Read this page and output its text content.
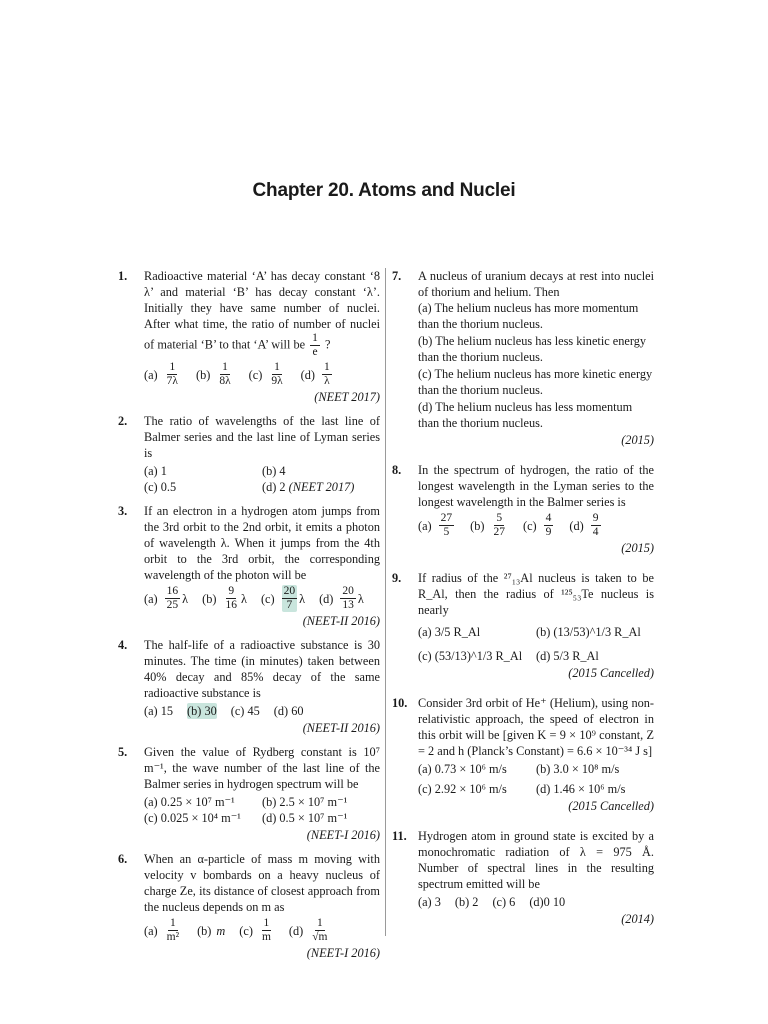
Chapter 20. Atoms and Nuclei
1. Radioactive material ‘A’ has decay constant ‘8 λ’ and material ‘B’ has decay constant ‘λ’. Initially they have same number of nuclei. After what time, the ratio of number of nuclei of material ‘B’ to that ‘A’ will be $\frac{1}{e}$ ?
$(a) \frac{1}{7\lambda} (b) \frac{1}{8\lambda} (c) \frac{1}{9\lambda} (d) \frac{1}{\lambda}$
(NEET 2017)
2. The ratio of wavelengths of the last line of Balmer series and the last line of Lyman series is
(a) 1	(b) 4
(c) 0.5	(d) 2
(NEET 2017)
3. If an electron in a hydrogen atom jumps from the 3rd orbit to the 2nd orbit, it emits a photon of wavelength λ. When it jumps from the 4th orbit to the 3rd orbit, the corresponding wavelength of the photon will be
$(a) \frac{16}{25}$ λ $(b) \frac{9}{16}$ λ $(c) \frac{20}{7}$ λ $(d) \frac{20}{13}$ λ
(NEET-II 2016)
4. The half-life of a radioactive substance is 30 minutes. The time (in minutes) taken between 40% decay and 85% decay of the same radioactive substance is
(a) 15 (b) 30 (c) 45 (d) 60
(NEET-II 2016)
5. Given the value of Rydberg constant is 10⁷ m⁻¹, the wave number of the last line of the Balmer series in hydrogen spectrum will be
(a) 0.25 × 10⁷ m⁻¹	(b) 2.5 × 10⁷ m⁻¹
(c) 0.025 × 10⁴ m⁻¹	(d) 0.5 × 10⁷ m⁻¹
(NEET-I 2016)
6. When an α-particle of mass m moving with velocity v bombards on a heavy nucleus of charge Ze, its distance of closest approach from the nucleus depends on m as
$(a) \frac{1}{\text{m²}} (b)$ m $(c) \frac{1}{m} (d) \frac{1}{√m}$
(NEET-I 2016)
7. A nucleus of uranium decays at rest into nuclei of thorium and helium. Then
(a) The helium nucleus has more momentum than the thorium nucleus.
(b) The helium nucleus has less kinetic energy than the thorium nucleus.
(c) The helium nucleus has more kinetic energy than the thorium nucleus.
(d) The helium nucleus has less momentum than the thorium nucleus.
(2015)
8. In the spectrum of hydrogen, the ratio of the longest wavelength in the Lyman series to the longest wavelength in the Balmer series is
$(a) \frac{27}{5} (b) \frac{5}{27} (c) \frac{4}{9} (d) \frac{9}{4}$
(2015)
9. If radius of the ²⁷₁₃Al nucleus is taken to be R_Al, then the radius of ¹²⁵₅₃Te nucleus is nearly
(a) 3/5 R_Al	(b) (13/53)^1/3 R_Al
(c) (53/13)^1/3 R_Al	(d) 5/3 R_Al
(2015 Cancelled)
10. Consider 3rd orbit of He⁺ (Helium), using non-relativistic approach, the speed of electron in this orbit will be [given K = 9 × 10⁹ constant, Z = 2 and h (Planck’s Constant) = 6.6 × 10⁻³⁴ J s]
(a) 0.73 × 10⁶ m/s	(b) 3.0 × 10⁸ m/s
(c) 2.92 × 10⁶ m/s	(d) 1.46 × 10⁶ m/s
(2015 Cancelled)
11. Hydrogen atom in ground state is excited by a monochromatic radiation of λ = 975 Å. Number of spectral lines in the resulting spectrum emitted will be
(a) 3 (b) 2 (c) 6 (d)0 10
(2014)
